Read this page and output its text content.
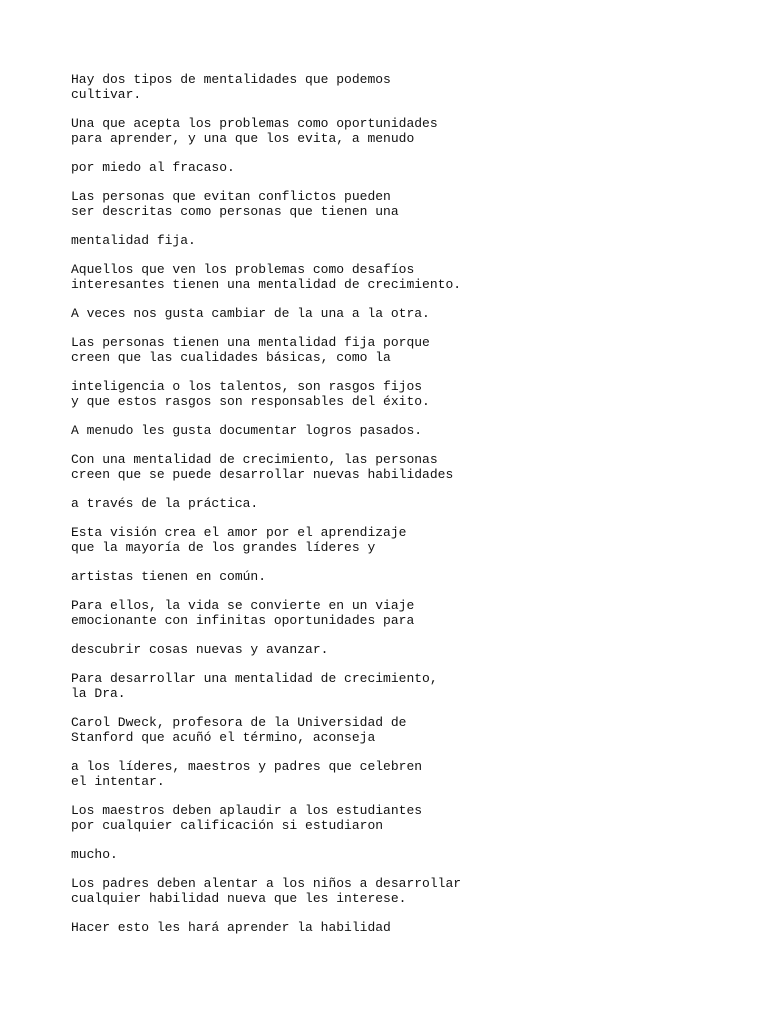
Hay dos tipos de mentalidades que podemos
cultivar.

Una que acepta los problemas como oportunidades
para aprender, y una que los evita, a menudo

por miedo al fracaso.

Las personas que evitan conflictos pueden
ser descritas como personas que tienen una

mentalidad fija.

Aquellos que ven los problemas como desafíos
interesantes tienen una mentalidad de crecimiento.

A veces nos gusta cambiar de la una a la otra.

Las personas tienen una mentalidad fija porque
creen que las cualidades básicas, como la

inteligencia o los talentos, son rasgos fijos
y que estos rasgos son responsables del éxito.

A menudo les gusta documentar logros pasados.

Con una mentalidad de crecimiento, las personas
creen que se puede desarrollar nuevas habilidades

a través de la práctica.

Esta visión crea el amor por el aprendizaje
que la mayoría de los grandes líderes y

artistas tienen en común.

Para ellos, la vida se convierte en un viaje
emocionante con infinitas oportunidades para

descubrir cosas nuevas y avanzar.

Para desarrollar una mentalidad de crecimiento,
la Dra.

Carol Dweck, profesora de la Universidad de
Stanford que acuñó el término, aconseja

a los líderes, maestros y padres que celebren
el intentar.

Los maestros deben aplaudir a los estudiantes
por cualquier calificación si estudiaron

mucho.

Los padres deben alentar a los niños a desarrollar
cualquier habilidad nueva que les interese.

Hacer esto les hará aprender la habilidad
